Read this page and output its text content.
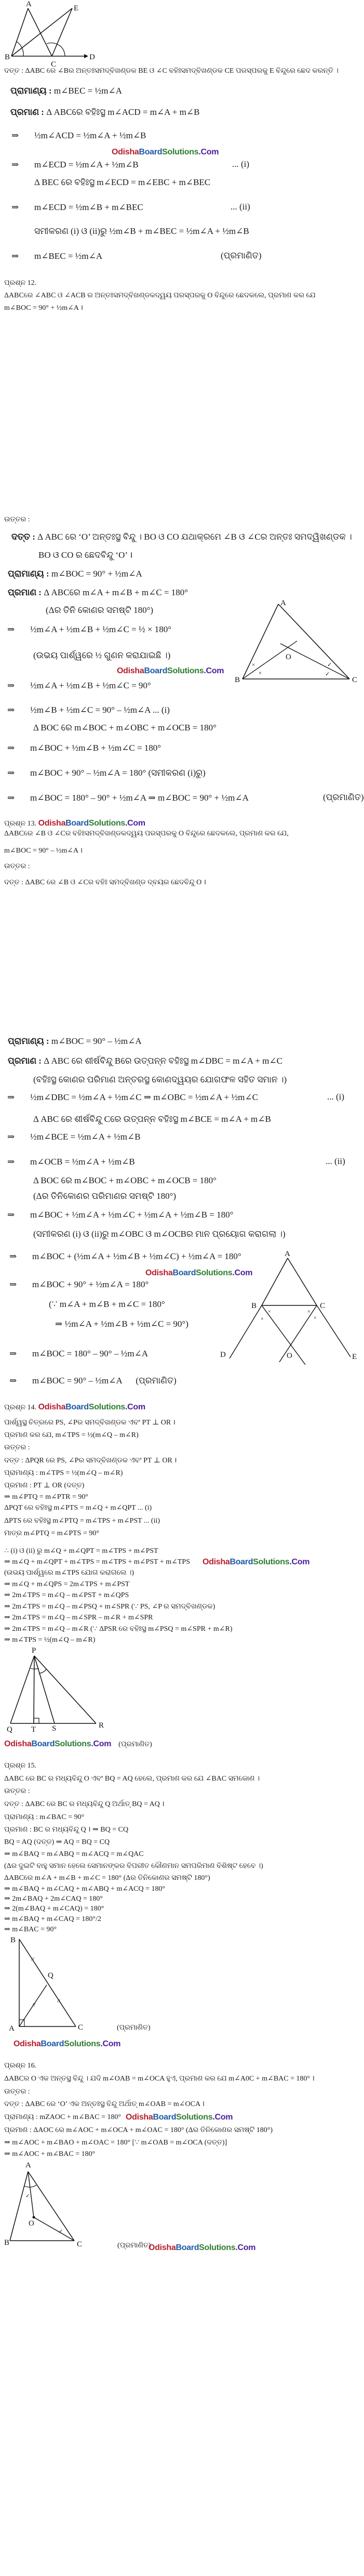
A	E
B
C
D
ଦତ୍ତ : ΔABC ରେ ∠Bର ଅନ୍ତଃସମଦ୍ବିଖଣ୍ଡକ BE ଓ ∠C ବହିଃସମଦ୍ବିଖଣ୍ଡକ CE ପରସ୍ପରକୁ E ବିନ୍ଦୁରେ ଛେଦ କରନ୍ତି ।
ପ୍ରାମାଣ୍ୟ : m∠BEC = ½m∠A
ପ୍ରମାଣ : Δ ABCରେ ବହିଃସ୍ଥ m∠ACD = m∠A + m∠B
⇒ ½m∠ACD = ½m∠A + ½m∠B
OdishaBoardSolutions.Com
⇒ m∠ECD = ½m∠A + ½m∠B	... (i)
Δ BEC ରେ ବହିଃସ୍ଥ m∠ECD = m∠EBC + m∠BEC
⇒ m∠ECD = ½m∠B + m∠BEC	... (ii)
ସମୀକରଣ (i) ଓ (ii)ରୁ ½m∠B + m∠BEC = ½m∠A + ½m∠B
⇒ m∠BEC = ½m∠A	(ପ୍ରମାଣିତ)
ପ୍ରଶ୍ନ 12.
ΔABCରେ ∠ABC ଓ ∠ACB ର ଅନ୍ତଃସମଦ୍ବିଖଣ୍ଡକଦ୍ୱୟ ପରସ୍ପରକୁ O ବିନ୍ଦୁରେ ଛେଦକଲେ, ପ୍ରମାଣ କର ଯେ
m∠BOC = 90° + ½m∠A ।
ଉତ୍ତର :
ଦତ୍ତ : Δ ABC ରେ ‘O’ ଅନ୍ତଃସ୍ଥ ବିନ୍ଦୁ । BO ଓ CO ଯଥାକ୍ରମେ ∠B ଓ ∠Cର ଅନ୍ତଃ ସମଦ୍ୱିଖଣ୍ଡକ ।
BO ଓ CO ର ଛେଦବିନ୍ଦୁ ‘O’ ।
ପ୍ରାମାଣ୍ୟ : m∠BOC = 90° + ½m∠A
ପ୍ରମାଣ : Δ ABCରେ m∠A + m∠B + m∠C = 180°
(Δର ତିନି କୋଣର ସମଷ୍ଟି 180°)
⇒ ½m∠A + ½m∠B + ½m∠C = ½ × 180°
(ଉଭୟ ପାର୍ଶ୍ୱରେ ½ ଗୁଣନ କରାଯାଇଛି ।)
OdishaBoardSolutions.Com
⇒ ½m∠A + ½m∠B + ½m∠C = 90°
⇒ ½m∠B + ½m∠C = 90° – ½m∠A ... (i)
Δ BOC ରେ m∠BOC + m∠OBC + m∠OCB = 180°
⇒ m∠BOC + ½m∠B + ½m∠C = 180°
⇒ m∠BOC + 90° – ½m∠A = 180° (ସମୀକରଣ (i)ରୁ)
⇒ m∠BOC = 180° – 90° + ½m∠A ⇒ m∠BOC = 90° + ½m∠A	(ପ୍ରମାଣିତ)
A
O
B	C
×
×
✓
✓
ପ୍ରଶ୍ନ 13. OdishaBoardSolutions.Com
ΔABCରେ ∠B ଓ ∠Cର ବହିଃସମଦ୍ବିଖଣ୍ଡକଦ୍ୱୟ ପରସ୍ପରକୁ O ବିନ୍ଦୁରେ ଛେଦକଲେ, ପ୍ରମାଣ କର ଯେ,
m∠BOC = 90° – ½m∠A ।
ଉତ୍ତର :
ଦତ୍ତ : ΔABC ରେ ∠B ଓ ∠Cର ବହିଃ ସମଦ୍ବିଖଣ୍ଡ ଦ୍ବୟର ଛେଦବିନ୍ଦୁ O ।
ପ୍ରାମାଣ୍ୟ : m∠BOC = 90° – ½m∠A
ପ୍ରମାଣ : Δ ABC ରେ ଶୀର୍ଷବିନ୍ଦୁ Bରେ ଉତ୍ପନ୍ନ ବହିଃସ୍ଥ m∠DBC = m∠A + m∠C
(ବହିଃସ୍ଥ କୋଣର ପରିମାଣ ଅନ୍ତରସ୍ଥ କୋଣଦ୍ୱୟର ଯୋଗଫଳ ସହିତ ସମାନ ।)
⇒ ½m∠DBC = ½m∠A + ½m∠C ⇒ m∠OBC = ½m∠A + ½m∠C	... (i)
Δ ABC ରେ ଶୀର୍ଷବିନ୍ଦୁ Cରେ ଉତ୍ପନ୍ନ ବହିଃସ୍ଥ m∠BCE = m∠A + m∠B
⇒ ½m∠BCE = ½m∠A + ½m∠B
⇒ m∠OCB = ½m∠A + ½m∠B	... (ii)
Δ BOC ରେ m∠BOC + m∠OBC + m∠OCB = 180°
(Δର ତିନିକୋଣର ପରିମାଣର ସମଷ୍ଟି 180°)
⇒ m∠BOC + ½m∠A + ½m∠C + ½m∠A + ½m∠B = 180°
(ସମୀକରଣ (i) ଓ (ii)ରୁ m∠OBC ଓ m∠OCBର ମାନ ପ୍ରୟୋଗ କରାଗଲା ।)
⇒ m∠BOC + (½m∠A + ½m∠B + ½m∠C) + ½m∠A = 180°
OdishaBoardSolutions.Com
⇒ m∠BOC + 90° + ½m∠A = 180°
(∵ m∠A + m∠B + m∠C = 180°
⇒ ½m∠A + ½m∠B + ½m∠C = 90°)
⇒ m∠BOC = 180° – 90° – ½m∠A
⇒ m∠BOC = 90° – ½m∠A (ପ୍ରମାଣିତ)
A
B	C
D	O	E
×
×
×
×
ପ୍ରଶ୍ନ 14. OdishaBoardSolutions.Com
ପାର୍ଶ୍ୱସ୍ଥ ଚିତ୍ରରେ PS, ∠Pର ସମଦ୍ବିଖଣ୍ଡକ ଏବଂ PT ⊥ OR ।
ପ୍ରମାଣ କର ଯେ, m∠TPS = ½(m∠Q – m∠R)
ଉତ୍ତର :
ଦତ୍ତ : ΔPQR ରେ PS, ∠Pର ସମଦ୍ବିଖଣ୍ଡକ ଏବଂ PT ⊥ OR ।
ପ୍ରାମାଣ୍ୟ : m∠TPS = ½(m∠Q – m∠R)
ପ୍ରମାଣ : PT ⊥ OR (ଦତ୍ତ)
⇒ m∠PTQ = m∠PTR = 90°
ΔPQT ରେ ବହିଃସ୍ଥ m∠PTS = m∠Q + m∠QPT ... (i)
ΔPTS ରେ ବହିଃସ୍ଥ m∠PTQ = m∠TPS + m∠PST ... (ii)
ମାତ୍ର m∠PTQ = m∠PTS = 90°
∴ (i) ଓ (ii) ରୁ m∠Q + m∠QPT = m∠TPS + m∠PST
⇒ m∠Q + m∠QPT + m∠TPS = m∠TPS + m∠PST + m∠TPS OdishaBoardSolutions.Com
(ଉଭୟ ପାର୍ଶ୍ୱରେ m∠TPS ଯୋଗ କରାଗଲେ ।)
⇒ m∠Q + m∠QPS = 2m∠TPS + m∠PST
⇒ 2m∠TPS = m∠Q – m∠PST + m∠QPS
⇒ 2m∠TPS = m∠Q – m∠PSQ + m∠SPR (∵ PS, ∠P ର ସମଦ୍ବିଖଣ୍ଡକ)
⇒ 2m∠TPS = m∠Q – m∠SPR – m∠R + m∠SPR
⇒ 2m∠TPS = m∠Q – m∠R (∵ ΔPSR ରେ ବହିଃସ୍ଥ m∠PSQ = m∠SPR + m∠R)
⇒ m∠TPS = ½(m∠Q – m∠R)
P
Q T S	R
OdishaBoardSolutions.Com (ପ୍ରମାଣିତ)
ପ୍ରଶ୍ନ 15.
ΔABC ରେ BC ର ମଧ୍ୟବିନ୍ଦୁ O ଏବଂ BQ = AQ ହେଲେ, ପ୍ରମାଣ କର ଯେ ∠BAC ସମକୋଣ ।
ଉତ୍ତର :
ଦତ୍ତ : ΔABC ରେ BC ର ମଧ୍ୟବିନ୍ଦୁ Q ଅର୍ଥାତ୍ BQ = AQ ।
ପ୍ରାମାଣ୍ୟ : m∠BAC = 90°
ପ୍ରମାଣ : BC ର ମଧ୍ୟବିନ୍ଦୁ Q । ⇒ BQ = CQ
BQ = AQ (ଦତ୍ତ) ⇒ AQ = BQ = CQ
⇒ m∠BAQ = m∠ABQ = m∠ACQ = m∠QAC
(Δର ଦୁଇଟି ବାହୁ ସମାନ ହେଲେ ସେମାନଙ୍କର ବିପରୀତ କୌଣମାନ ସମପରିମାଣ ବିଶିଷ୍ଟ ହେବେ ।)
ΔABCରେ m∠A + m∠B + m∠C = 180° (Δର ତିନିକୋଣର ସମଷ୍ଟି 180°)
⇒ m∠BAQ + m∠CAQ + m∠ABQ + m∠ACQ = 180°
⇒ 2m∠BAQ + 2m∠CAQ = 180°
⇒ 2(m∠BAQ + m∠CAQ) = 180°
⇒ m∠BAQ + m∠CAQ = 180°/2
⇒ m∠BAC = 90°
B
Q
A	C
//
//
//
(ପ୍ରମାଣିତ)
OdishaBoardSolutions.Com
ପ୍ରଶ୍ନ 16.
ΔABCର O ଏକ ଅନ୍ତସ୍ଥ ବିନ୍ଦୁ । ଯଦି m∠OAB = m∠OCA ହୁଏ, ପ୍ରମାଣ କର ଯେ m∠A0C + m∠BAC = 180° ।
ଉତ୍ତର :
ଦତ୍ତ : ΔABC ରେ ‘O’ ଏକ ଅନ୍ତଃସ୍ଥ ବିନ୍ଦୁ ଅର୍ଥାତ୍ m∠OAB = m∠OCA ।
ପ୍ରାମାଣ୍ୟ : mZAOC + m∠BAC = 180° OdishaBoardSolutions.Com
ପ୍ରମାଣ : ΔAOC ରେ m∠AOC + m∠OCA + m∠OAC = 180° (Δର ତିନିକୋଣର ସମଷ୍ଟି 180°)
⇒ m∠AOC + m∠BAO + m∠OAC = 180° [∵ m∠OAB = m∠OCA (ଦତ୍ତ)]
⇒ m∠AOC + m∠BAC = 180°
A
O
B	C
✓
✓
(ପ୍ରମାଣିତ)
OdishaBoardSolutions.Com
